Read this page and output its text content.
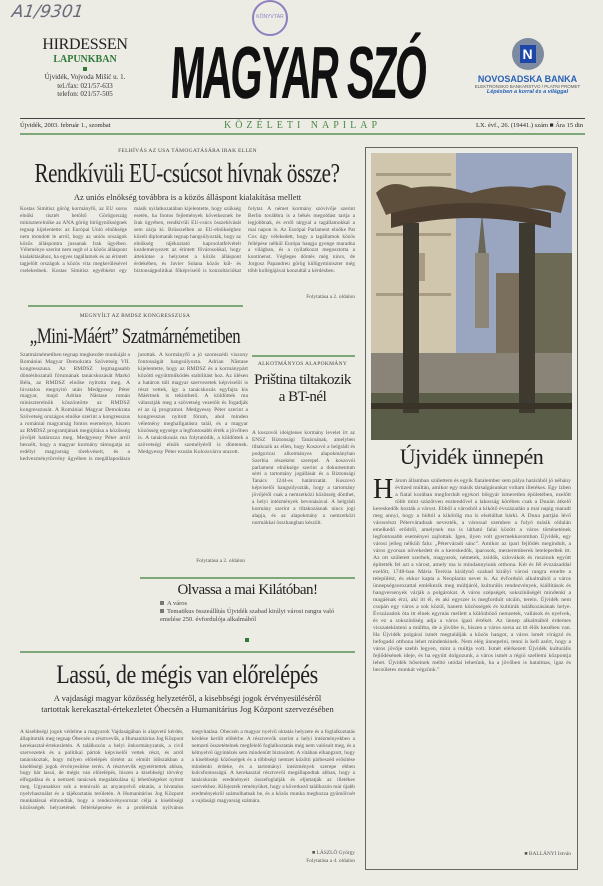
A1/9301
HIRDESSEN
LAPUNKBAN
Újvidék, Vojvoda Mišić u. 1.
tel./fax: 021/57-633
telefon: 021/57-505
KÖNYVTÁR
MAGYAR SZÓ	N
NOVOSADSKA BANKA
ELEKTRONSKO BANKARSTVO / PLATNI PROMET
Lépésben a korral és a világgal
Újvidék, 2003. február 1., szombat	KÖZÉLETI NAPILAP	LX. évf., 26. (19441.) szám ■ Ára 15 din
FELHÍVÁS AZ USA TÁMOGATÁSÁRA IRAK ELLEN
Rendkívüli EU-csúcsot hívnak össze?
Az uniós elnökség továbbra is a közös álláspont kialakítása mellett
Kostas Simitisz görög kormányfő, az EU soros elnöki tisztét betöltő Görögország miniszterelnöke az ANA görög hírügynökségnek tegnap kijelentette: az Európai Unió elnöksége nem mondott le arról, hogy az uniós országok közös álláspontra jussanak Irak ügyében. Véleménye szerint nem segít el a közös álláspont kialakításához, ha egyes tagállamok és az érintett tagjelölt országok a közös vita megkerülésével cselekednek. Kostas Simitisz egyébként egy másik nyilatkozatában kijelentette, hogy szükség esetén, ha fontos fejlemények következnek be Irak ügyében, rendkívüli EU-csúcs összehívását sem zárja ki. Brüsszelben az EU-elnökséghez közeli diplomaták tegnap hangsúlyozták, hogy az elnökség tájékoztató kapcsolatfelvételt kezdeményezett az érintett fővárosokkal, hogy áttekintse a helyzetet a közös álláspont érdekében, és Javier Solana közös kül- és biztonságpolitikai főképviselő is konzultációkat folytat. A német kormány szóvivője szerint Berlin továbbra is a békés megoldást tartja a legjobbnak, és erről tárgyal a tagállamokkal a mai napon is. Az Európai Parlament elnöke Pat Cox úgy vélekedett, hogy a tagállamok közös fellépése nélkül Európa hangja gyenge maradna a világban, és a nyilatkozat megosztotta a kontinenst. Végleges döntés még nincs, de Jorgosz Papandreu görög külügyminiszter még több kollégájával konzultál a kérdésben.
Folytatása a 2. oldalon
MEGNYÍLT AZ RMDSZ KONGRESSZUSA
„Mini-Máért” Szatmárnémetiben
Szatmárnémetiben tegnap megkezdte munkáját a Romániai Magyar Demokrata Szövetség VII. kongresszusa. Az RMDSZ legmagasabb döntéshozatali fórumának tanácskozását Markó Béla, az RMDSZ elnöke nyitotta meg. A hivatalos megnyitó után Medgyessy Péter magyar, majd Adrian Năstase román miniszterelnök köszöntötte az RMDSZ kongresszusát. A Romániai Magyar Demokrata Szövetség országos elnöke szerint a kongresszus a romániai magyarság fontos eseménye, hiszen az RMDSZ programjának megújítása a közösség jövőjét határozza meg. Medgyessy Péter arról beszélt, hogy a magyar kormány támogatja az erdélyi magyarság törekvéseit, és a kedvezménytörvény ügyében is megállapodásra jutottak. A kormányfő a jó szomszédi viszony fontosságát hangsúlyozta. Adrian Năstase kijelentette, hogy az RMDSZ és a kormánypárt közötti együttműködés stabilitást hoz. Az ülésen a határon túli magyar szervezetek képviselői is részt vettek, így a tanácskozás egyfajta kis Máértnek is tekinthető. A küldöttek ma választják meg a szövetség vezetőit és fogadják el az új programot. Medgyessy Péter szerint a kongresszus nyitott fórum, ahol minden vélemény meghallgatásra talál, és a magyar közösség egysége a legfontosabb érték a jövőben is. A tanácskozás ma folytatódik, a küldöttek a szövetségi elnök személyéről is döntenek. Medgyessy Péter ezután Kolozsvárra utazott.
Folytatása a 2. oldalon
ALKOTMÁNYOS ALAPOKMÁNY
Priština tiltakozik a BT-nél
A koszovói ideiglenes kormány levelet írt az ENSZ Biztonsági Tanácsának, amelyben tiltakozik az ellen, hogy Koszovó a belgrádi és podgoricai alkotmányos alapokmányban Szerbia részeként szerepel. A koszovói parlament elnöksége szerint a dokumentum sérti a tartomány jogállását és a Biztonsági Tanács 1244-es határozatát. Koszovó képviselői hangsúlyozták, hogy a tartomány jövőjéről csak a nemzetközi közösség dönthet, a helyi intézmények bevonásával. A belgrádi kormány szerint a tiltakozásnak nincs jogi alapja, és az alapokmány a nemzetközi normákkal összhangban készült.
Olvassa a mai Kilátóban!
A város
Tematikus összeállítás Újvidék szabad királyi városi rangra való emelése 250. évfordulója alkalmából
Lassú, de mégis van előrelépés
A vajdasági magyar közösség helyzetéről, a kisebbségi jogok érvényesüléséről tartottak kerekasztal-értekezletet Óbecsén a Humanitárius Jog Központ szervezésében
A kisebbségi jogok védelme a magyarok Vajdaságában is alapvető kérdés, állapították meg tegnap Óbecsén a résztvevők, a Humanitárius Jog Központ kerekasztal-értekezletén. A találkozón a helyi önkormányzatok, a civil szervezetek és a politikai pártok képviselői vettek részt, és arról tanácskoztak, hogy milyen előrelépés történt az elmúlt időszakban a kisebbségi jogok érvényesítése terén. A résztvevők egyetértettek abban, hogy bár lassú, de mégis van előrelépés, hiszen a kisebbségi törvény elfogadása és a nemzeti tanácsok megalakulása új lehetőségeket nyitott meg. Ugyanakkor sok a tennivaló az anyanyelvű oktatás, a hivatalos nyelvhasználat és a tájékoztatás területén. A Humanitárius Jog Központ munkatársai elmondták, hogy a rendezvénysorozat célja a kisebbségi közösségek helyzetének feltérképezése és a problémák nyilvános megvitatása. Óbecsén a magyar nyelvű oktatás helyzete és a foglalkoztatás kérdése került előtérbe. A résztvevők szerint a helyi intézményekben a nemzeti összetételnek megfelelő foglalkoztatás még nem valósult meg, és a kétnyelvű ügyintézés sem mindenütt biztosított. A vitában elhangzott, hogy a kisebbségi közösségek és a többségi nemzet közötti párbeszéd erősítése mindenki érdeke, és a tartományi intézmények szerepe ebben kulcsfontosságú. A kerekasztal résztvevői megállapodtak abban, hogy a tanácskozás eredményeit összefoglalják és eljuttatják az illetékes szervekhez. Kifejezték reményüket, hogy a következő találkozón már újabb eredményekről számolhatnak be, és a közös munka meghozza gyümölcsét a vajdasági magyarság számára.
■ LÁSZLÓ György
Folytatása a 4. oldalon
Újvidék ünnepén
Három államban születtem és egyik fiatalember sem pálya határából jó néhány évtized múltán, amikor egy másik társalgásunkat voltam illetékes. Egy ízben a fiatal korában megfordult egykori bőrgyár ismeretlen épületében, ezelőtt több mint százötven esztendővel a lakosság körében csak a Dunán átkelő kereskedők hozták a várost. Ebből a városból a kikötő évszázadán a mai napig maradt meg annyi, hogy a hídtól a kikötőig ma is elsétálhat bárki. A Duna partján lévő városrészt Péterváradnak nevezték, a várossal szemben a folyó másik oldalán emelkedő erődről, amelynek ma is látható falai között a város történetének legfontosabb eseményei zajlottak. Igen, ilyen volt gyermekkoromban Újvidék, egy városi jelleg nélküli falu: „Péterváradi sánc”. Amikor az ipari fejlődés megindult, a város gyorsan növekedett és a kereskedők, iparosok, mesteremberek letelepedtek itt. Az ott született szerbek, magyarok, németek, zsidók, szlovákok és ruszinok együtt építették fel azt a várost, amely ma is mindannyiunk otthona. Két és fél évszázaddal ezelőtt, 1748-ban Mária Terézia királynő szabad királyi városi rangra emelte a települést, és ekkor kapta a Neoplanta nevet is. Az évforduló alkalmából a város ünnepségsorozattal emlékezik meg múltjáról, kulturális rendezvények, kiállítások és hangversenyek várják a polgárokat. A város szépségét, sokszínűségét mindenki a magáénak érzi, aki itt él, és aki egyszer is megfordult utcáin, terein. Újvidék nem csupán egy város a sok közül, hanem közösségek és kultúrák találkozásának helye. Évszázadok óta itt élnek egymás mellett a különböző nemzetek, vallások és nyelvek, és ez a sokszínűség adja a város igazi értékét. Az ünnep alkalmából érdemes visszatekinteni a múltba, de a jövőbe is, hiszen a város sorsa az itt élők kezében van. Ha Újvidék polgárai ismét megtalálják a közös hangot, a város ismét virágzó és befogadó otthona lehet mindenkinek. Nem elég ünnepelni, tenni is kell azért, hogy a város jövője szebb legyen, mint a múltja volt. Ismét elérkezett Újvidék kulturális fejlődésének ideje, és ha együtt dolgozunk, a város ismét a régió szellemi központja lehet. Újvidék hőseinek méltó utódai lehetünk, ha a jövőben is hatalmas, igaz és becsületes munkát végzünk.”
■ BALLÁNYI István
